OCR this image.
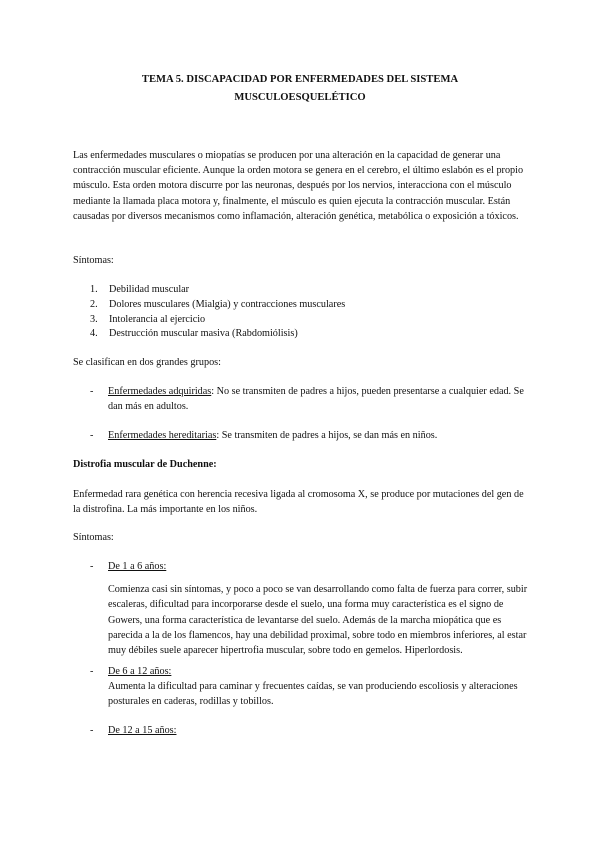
TEMA 5. DISCAPACIDAD POR ENFERMEDADES DEL SISTEMA
MUSCULOESQUELÉTICO

Las enfermedades musculares o miopatías se producen por una alteración en la capacidad de generar una contracción muscular eficiente. Aunque la orden motora se genera en el cerebro, el último eslabón es el propio músculo. Esta orden motora discurre por las neuronas, después por los nervios, interacciona con el músculo mediante la llamada placa motora y, finalmente, el músculo es quien ejecuta la contracción muscular. Están causadas por diversos mecanismos como inflamación, alteración genética, metabólica o exposición a tóxicos.

Síntomas:

1.	Debilidad muscular
2.	Dolores musculares (Mialgia) y contracciones musculares
3.	Intolerancia al ejercicio
4.	Destrucción muscular masiva (Rabdomiólisis)

Se clasifican en dos grandes grupos:

-	Enfermedades adquiridas: No se transmiten de padres a hijos, pueden presentarse a cualquier edad. Se dan más en adultos.
-	Enfermedades hereditarias: Se transmiten de padres a hijos, se dan más en niños.

Distrofia muscular de Duchenne:

Enfermedad rara genética con herencia recesiva ligada al cromosoma X, se produce por mutaciones del gen de la distrofina. La más importante en los niños.

Síntomas:

-	De 1 a 6 años:
Comienza casi sin síntomas, y poco a poco se van desarrollando como falta de fuerza para correr, subir escaleras, dificultad para incorporarse desde el suelo, una forma muy característica es el signo de Gowers, una forma característica de levantarse del suelo. Además de la marcha miopática que es parecida a la de los flamencos, hay una debilidad proximal, sobre todo en miembros inferiores, al estar muy débiles suele aparecer hipertrofia muscular, sobre todo en gemelos. Hiperlordosis.
-	De 6 a 12 años:
Aumenta la dificultad para caminar y frecuentes caídas, se van produciendo escoliosis y alteraciones posturales en caderas, rodillas y tobillos.
-	De 12 a 15 años:
